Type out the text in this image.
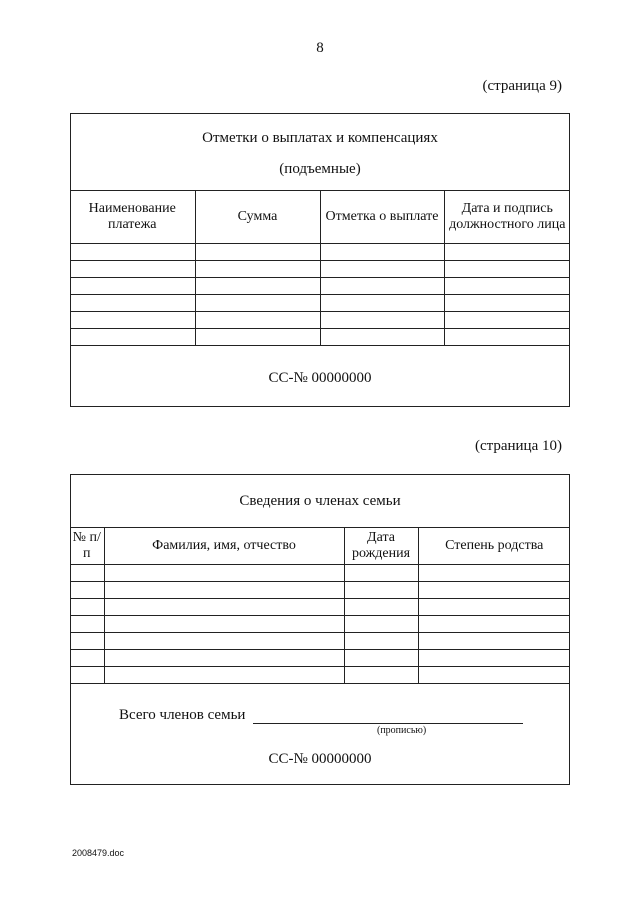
8
(страница 9)
Отметки о выплатах и компенсациях
(подъемные)
Наименование платежа	Сумма	Отметка о выплате	Дата и подпись должностного лица

СС-№ 00000000
(страница 10)
Сведения о членах семьи
№ п/п	Фамилия, имя, отчество	Дата рождения	Степень родства

Всего членов семьи
(прописью)
СС-№ 00000000
2008479.doc
